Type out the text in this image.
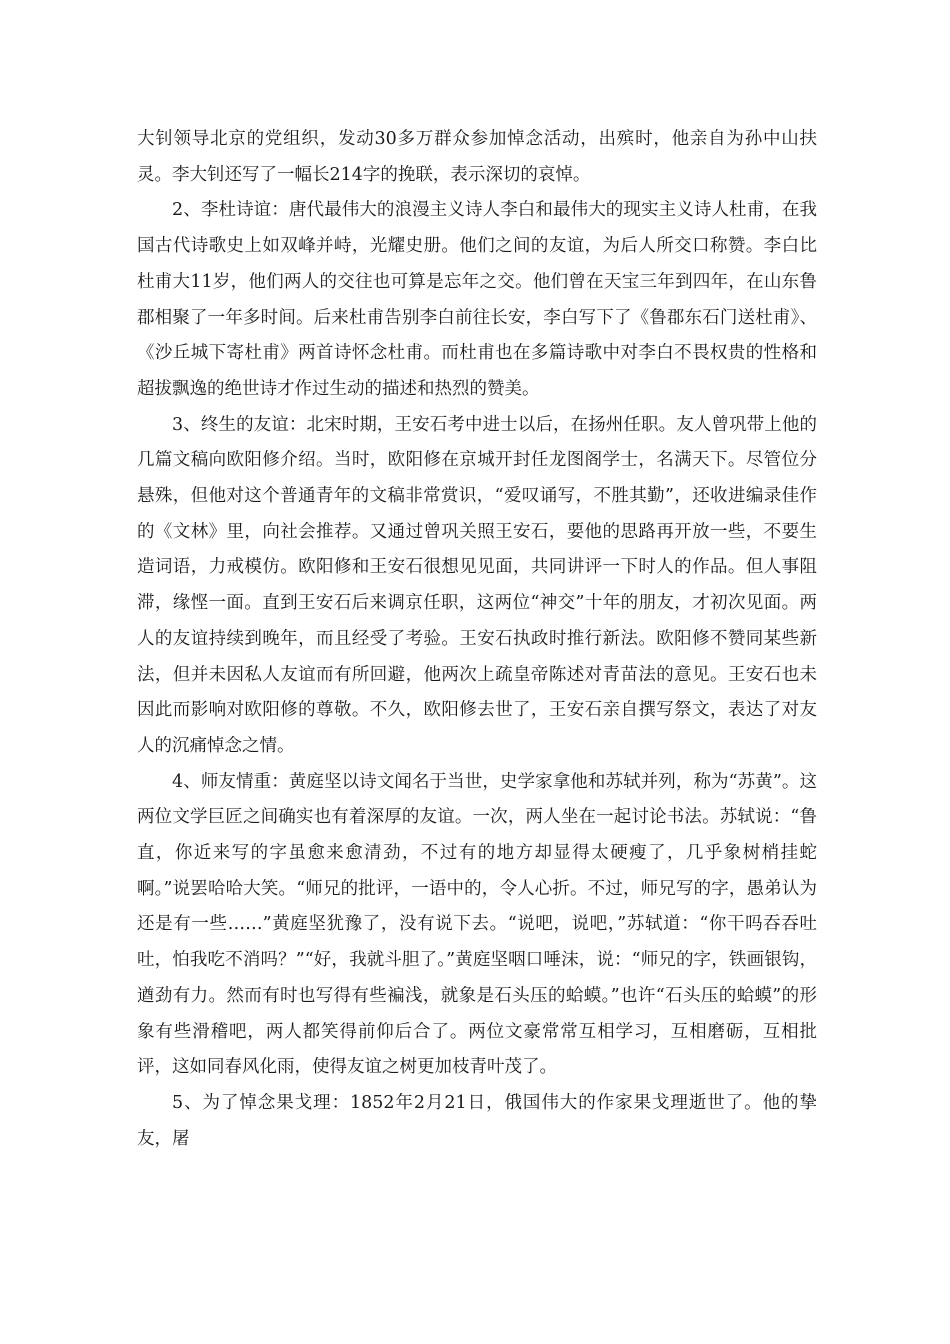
大钊领导北京的党组织，发动30多万群众参加悼念活动，出殡时，他亲自为孙中山扶灵。李大钊还写了一幅长214字的挽联，表示深切的哀悼。

2、李杜诗谊：唐代最伟大的浪漫主义诗人李白和最伟大的现实主义诗人杜甫，在我国古代诗歌史上如双峰并峙，光耀史册。他们之间的友谊，为后人所交口称赞。李白比杜甫大11岁，他们两人的交往也可算是忘年之交。他们曾在天宝三年到四年，在山东鲁郡相聚了一年多时间。后来杜甫告别李白前往长安，李白写下了《鲁郡东石门送杜甫》、《沙丘城下寄杜甫》两首诗怀念杜甫。而杜甫也在多篇诗歌中对李白不畏权贵的性格和超拔飘逸的绝世诗才作过生动的描述和热烈的赞美。

3、终生的友谊：北宋时期，王安石考中进士以后，在扬州任职。友人曾巩带上他的几篇文稿向欧阳修介绍。当时，欧阳修在京城开封任龙图阁学士，名满天下。尽管位分悬殊，但他对这个普通青年的文稿非常赏识，“爱叹诵写，不胜其勤”，还收进编录佳作的《文林》里，向社会推荐。又通过曾巩关照王安石，要他的思路再开放一些，不要生造词语，力戒模仿。欧阳修和王安石很想见见面，共同讲评一下时人的作品。但人事阻滞，缘悭一面。直到王安石后来调京任职，这两位“神交”十年的朋友，才初次见面。两人的友谊持续到晚年，而且经受了考验。王安石执政时推行新法。欧阳修不赞同某些新法，但并未因私人友谊而有所回避，他两次上疏皇帝陈述对青苗法的意见。王安石也未因此而影响对欧阳修的尊敬。不久，欧阳修去世了，王安石亲自撰写祭文，表达了对友人的沉痛悼念之情。

4、师友情重：黄庭坚以诗文闻名于当世，史学家拿他和苏轼并列，称为“苏黄”。这两位文学巨匠之间确实也有着深厚的友谊。一次，两人坐在一起讨论书法。苏轼说：“鲁直，你近来写的字虽愈来愈清劲，不过有的地方却显得太硬瘦了，几乎象树梢挂蛇啊。”说罢哈哈大笑。“师兄的批评，一语中的，令人心折。不过，师兄写的字，愚弟认为还是有一些……”黄庭坚犹豫了，没有说下去。“说吧，说吧，”苏轼道：“你干吗吞吞吐吐，怕我吃不消吗？”“好，我就斗胆了。”黄庭坚咽口唾沫，说：“师兄的字，铁画银钩，遒劲有力。然而有时也写得有些褊浅，就象是石头压的蛤蟆。”也许“石头压的蛤蟆”的形象有些滑稽吧，两人都笑得前仰后合了。两位文豪常常互相学习，互相磨砺，互相批评，这如同春风化雨，使得友谊之树更加枝青叶茂了。

5、为了悼念果戈理：1852年2月21日，俄国伟大的作家果戈理逝世了。他的挚友，屠
